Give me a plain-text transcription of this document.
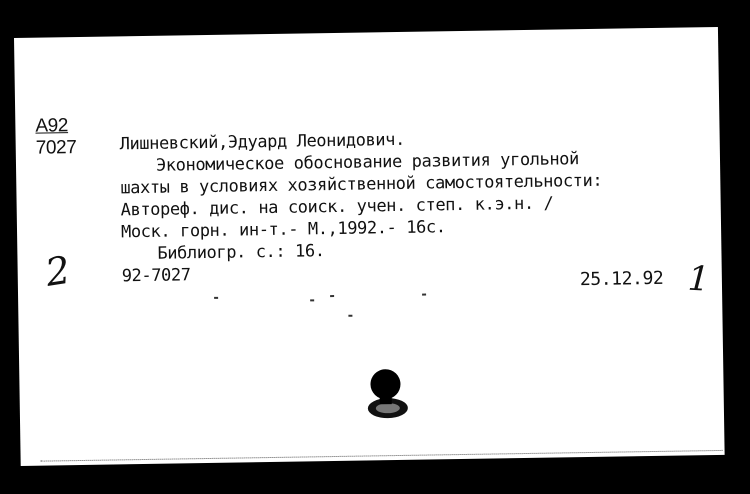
А92
7027	Лишневский,Эдуард Леонидович.
Экономическое обоснование развития угольной
шахты в условиях хозяйственной самостоятельности:
Автореф. дис. на соиск. учен. степ. к.э.н. /
Моск. горн. ин-т.- М.,1992.- 16с.
Библиогр. с.: 16.
92-7027	25.12.92
2	1
